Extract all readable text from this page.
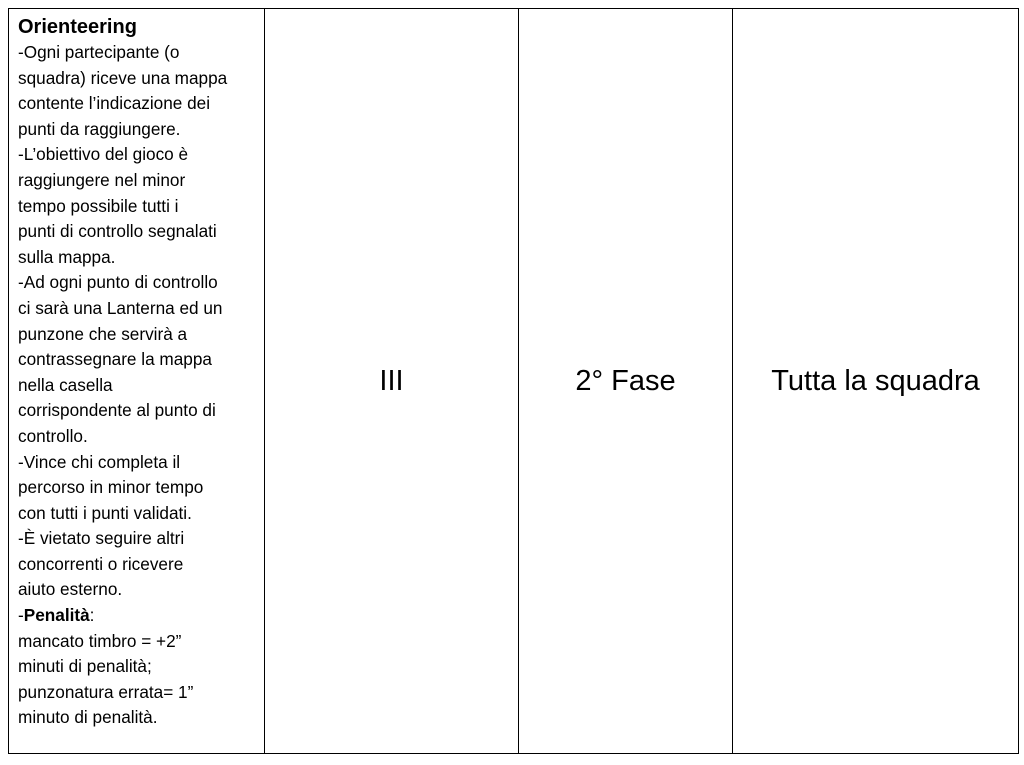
Orienteering
-Ogni partecipante (o
squadra) riceve una mappa
contente l’indicazione dei
punti da raggiungere.
-L’obiettivo del gioco è
raggiungere nel minor
tempo possibile tutti i
punti di controllo segnalati
sulla mappa.
-Ad ogni punto di controllo
ci sarà una Lanterna ed un
punzone che servirà a
contrassegnare la mappa
nella casella
corrispondente al punto di
controllo.
-Vince chi completa il
percorso in minor tempo
con tutti i punti validati.
-È vietato seguire altri
concorrenti o ricevere
aiuto esterno.
-Penalità:
mancato timbro = +2”
minuti di penalità;
punzonatura errata= 1”
minuto di penalità.
	III	2° Fase	Tutta la squadra
